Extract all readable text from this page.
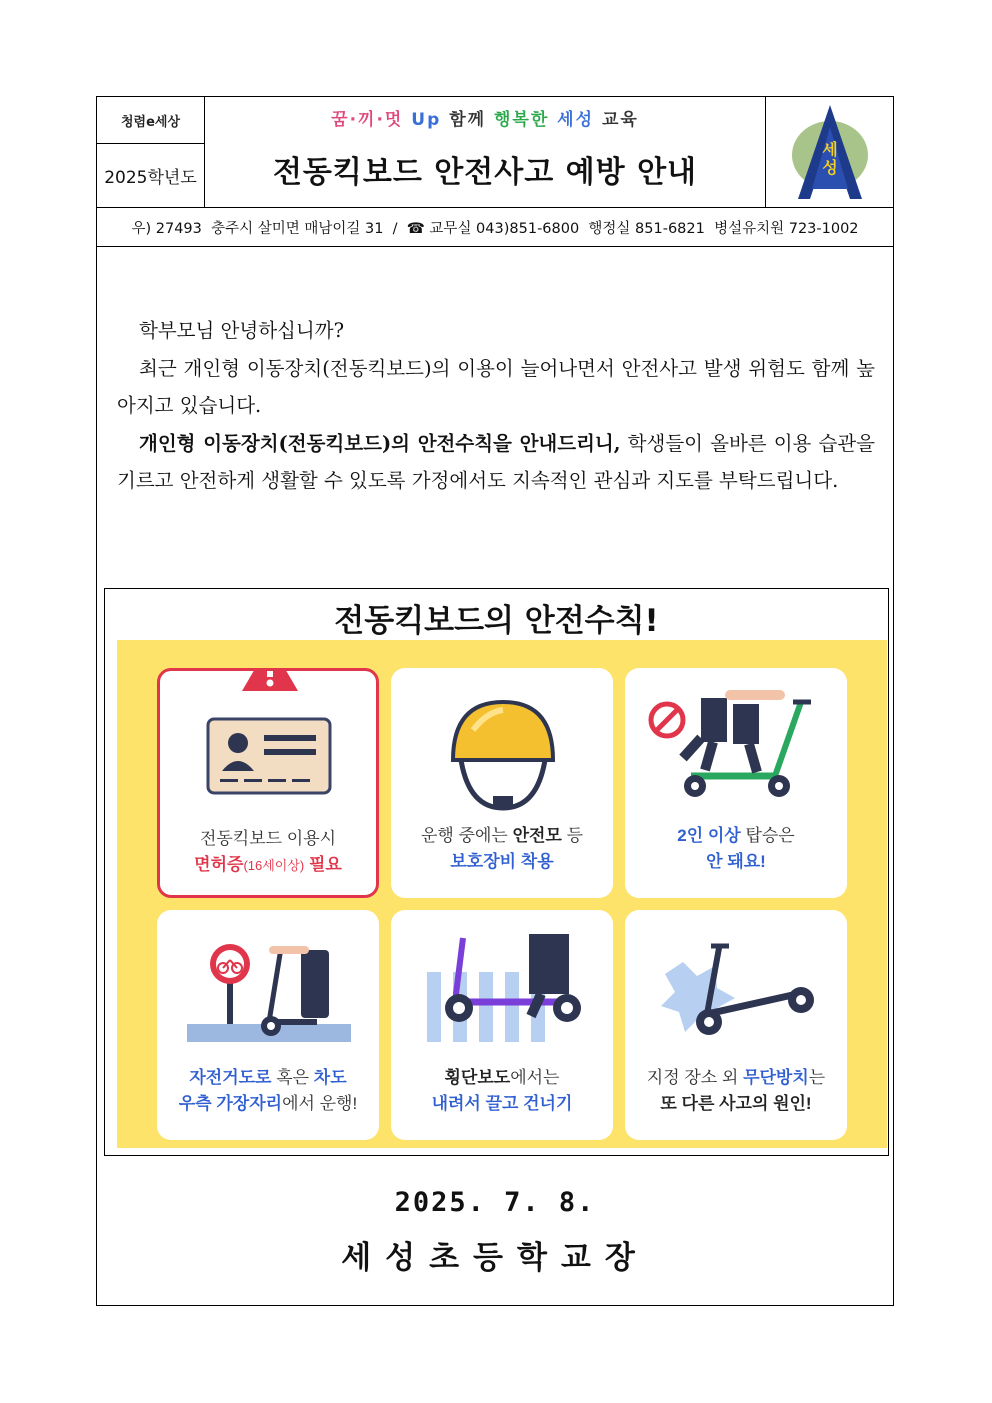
청렴e세상
2025학년도
꿈·끼·멋 Up 함께 행복한 세성 교육
전동킥보드 안전사고 예방 안내
세
성
우) 27493  충주시 살미면 매남이길 31  /  ☎ 교무실 043)851-6800  행정실 851-6821  병설유치원 723-1002

학부모님 안녕하십니까?

최근 개인형 이동장치(전동킥보드)의 이용이 늘어나면서 안전사고 발생 위험도 함께 높아지고 있습니다.

개인형 이동장치(전동킥보드)의 안전수칙을 안내드리니, 학생들이 올바른 이용 습관을 기르고 안전하게 생활할 수 있도록 가정에서도 지속적인 관심과 지도를 부탁드립니다.

전동킥보드의 안전수칙!
전동킥보드 이용시
면허증(16세이상) 필요
운행 중에는 안전모 등
보호장비 착용
2인 이상 탑승은
안 돼요!
자전거도로 혹은 차도
우측 가장자리에서 운행!
횡단보도에서는
내려서 끌고 건너기
지정 장소 외 무단방치는
또 다른 사고의 원인!
2025. 7. 8.
세성초등학교장
